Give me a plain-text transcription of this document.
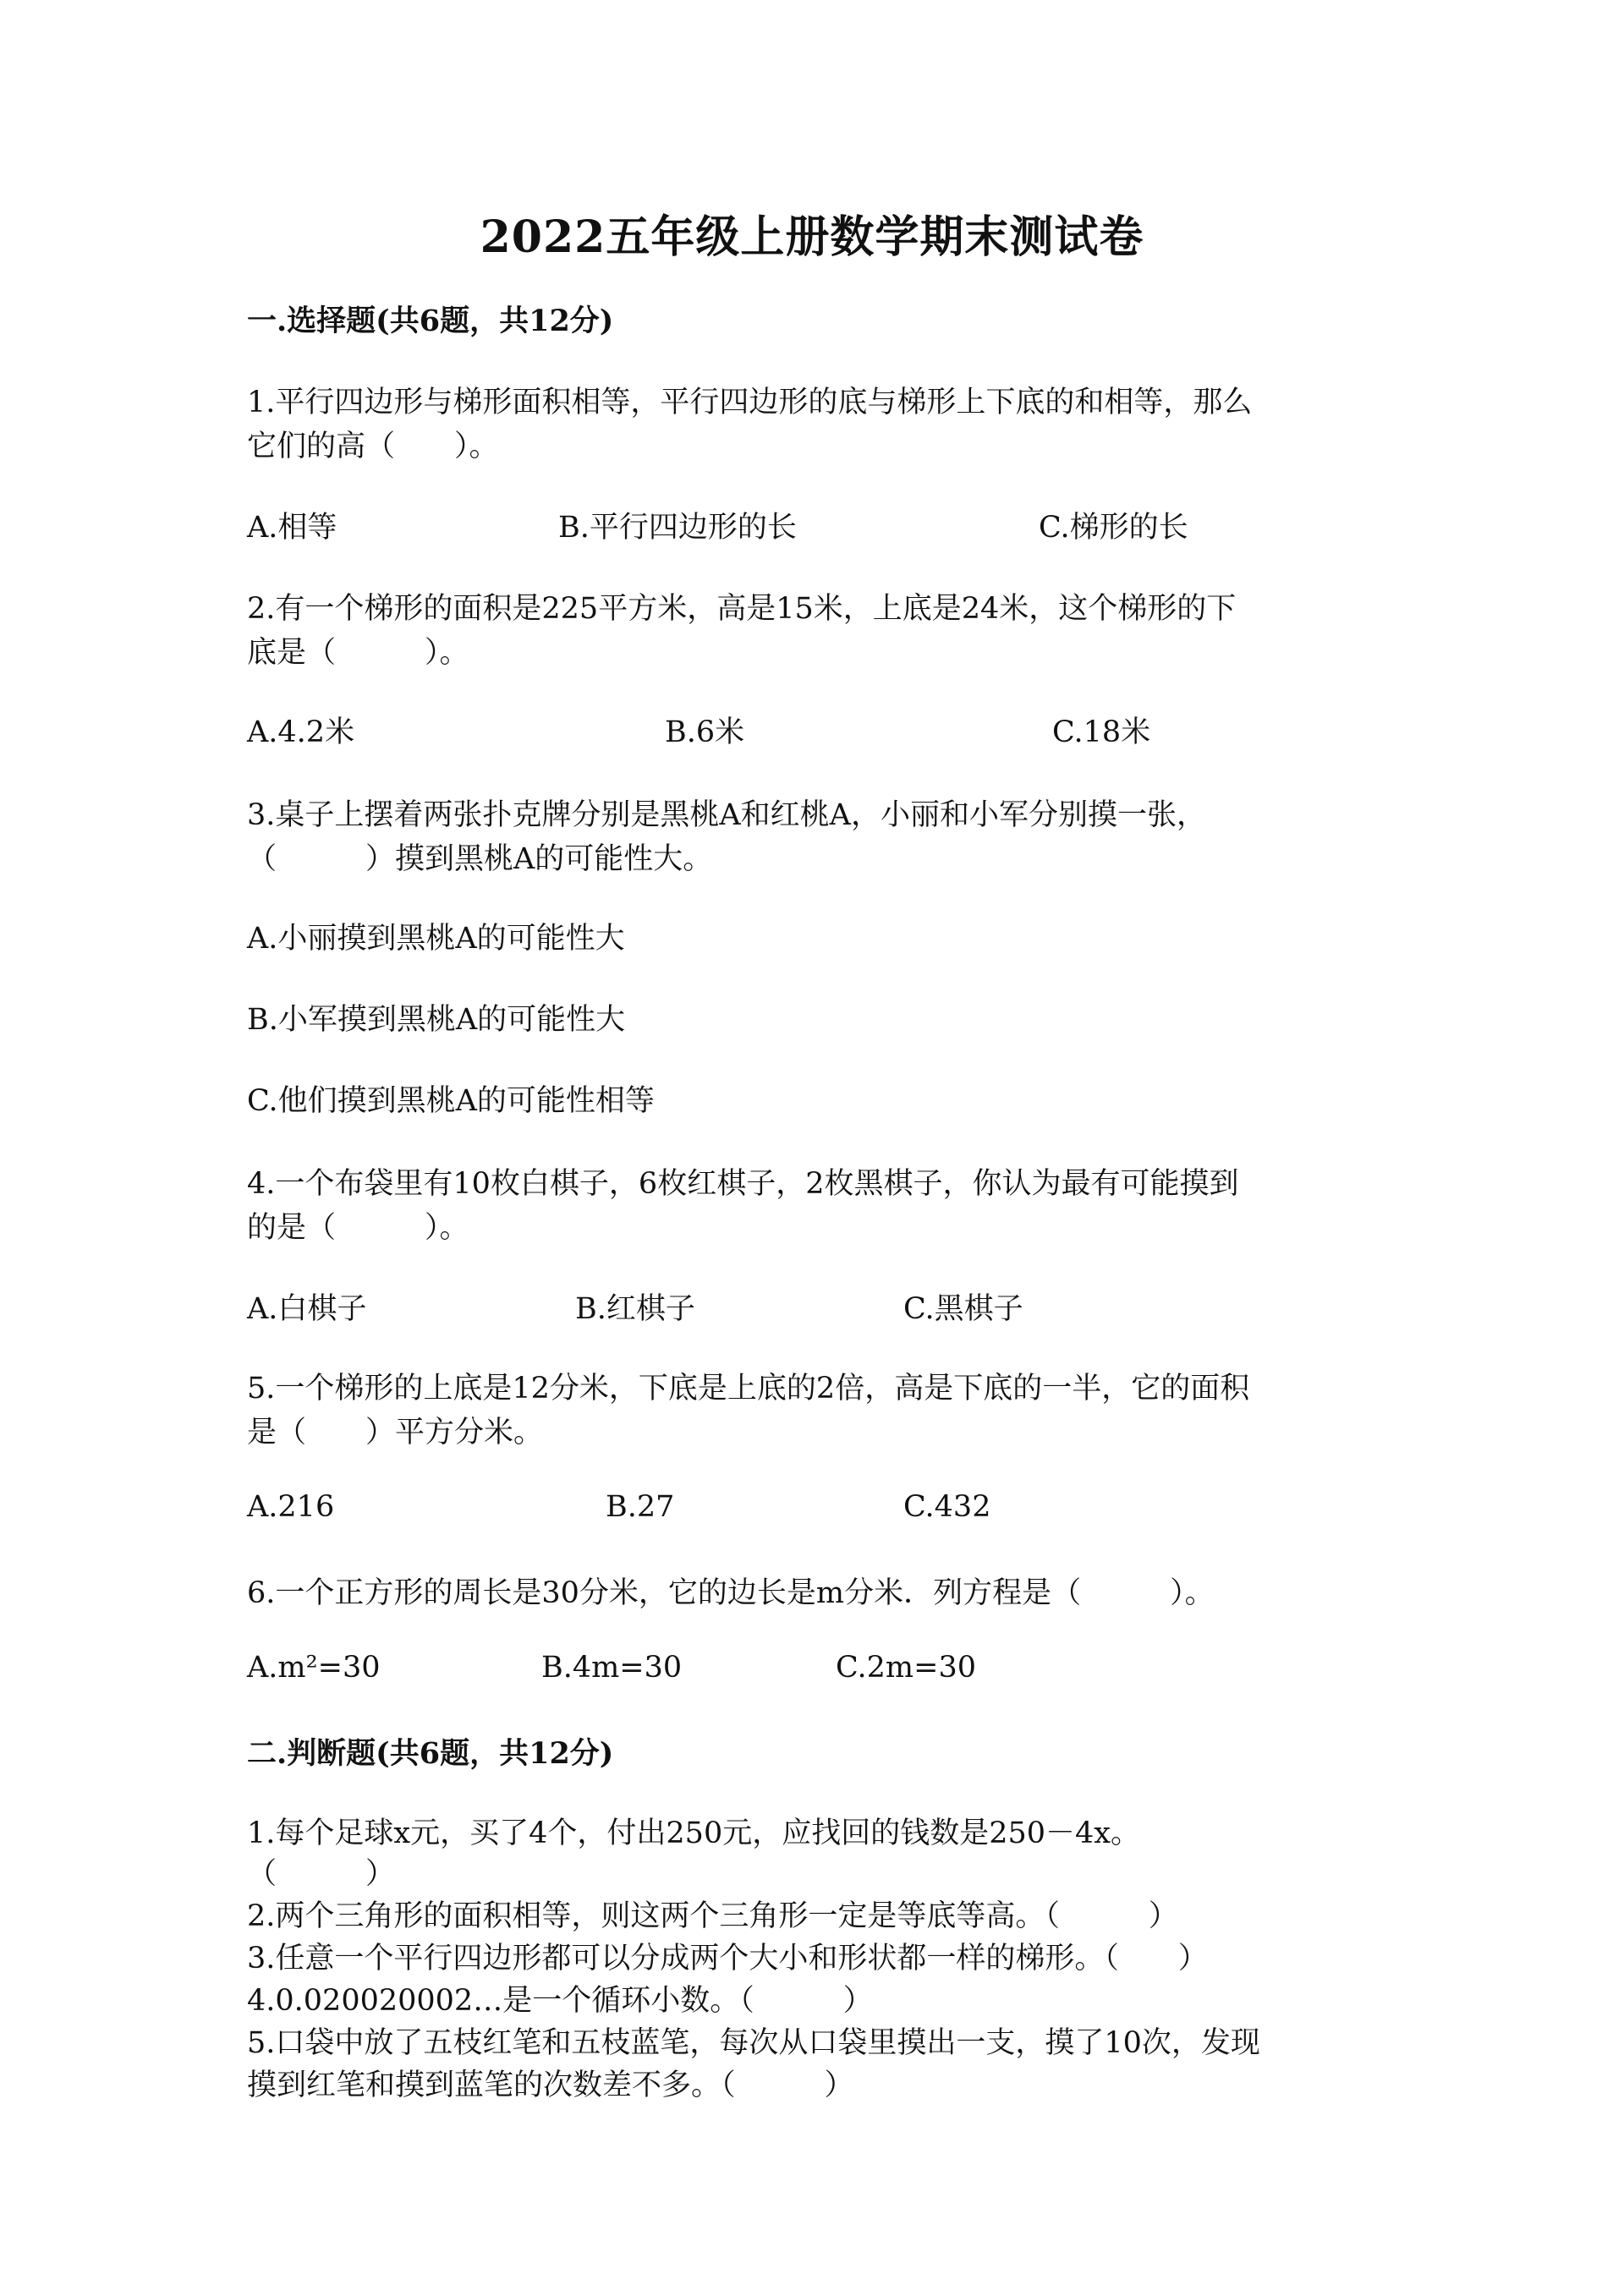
2022五年级上册数学期末测试卷
一.选择题(共6题，共12分)
1.平行四边形与梯形面积相等，平行四边形的底与梯形上下底的和相等，那么
它们的高（　　）。
A.相等	B.平行四边形的长	C.梯形的长
2.有一个梯形的面积是225平方米，高是15米，上底是24米，这个梯形的下
底是（　　　）。
A.4.2米	B.6米	C.18米
3.桌子上摆着两张扑克牌分别是黑桃A和红桃A，小丽和小军分别摸一张，
（　　　）摸到黑桃A的可能性大。
A.小丽摸到黑桃A的可能性大
B.小军摸到黑桃A的可能性大
C.他们摸到黑桃A的可能性相等
4.一个布袋里有10枚白棋子，6枚红棋子，2枚黑棋子，你认为最有可能摸到
的是（　　　）。
A.白棋子	B.红棋子	C.黑棋子
5.一个梯形的上底是12分米，下底是上底的2倍，高是下底的一半，它的面积
是（　　）平方分米。
A.216	B.27	C.432
6.一个正方形的周长是30分米，它的边长是m分米．列方程是（　　　）。
A.m²=30	B.4m=30	C.2m=30
二.判断题(共6题，共12分)
1.每个足球x元，买了4个，付出250元，应找回的钱数是250－4x。
（　　　）
2.两个三角形的面积相等，则这两个三角形一定是等底等高。（　　　）
3.任意一个平行四边形都可以分成两个大小和形状都一样的梯形。（　　）
4.0.020020002…是一个循环小数。（　　　）
5.口袋中放了五枝红笔和五枝蓝笔，每次从口袋里摸出一支，摸了10次，发现
摸到红笔和摸到蓝笔的次数差不多。（　　　）
